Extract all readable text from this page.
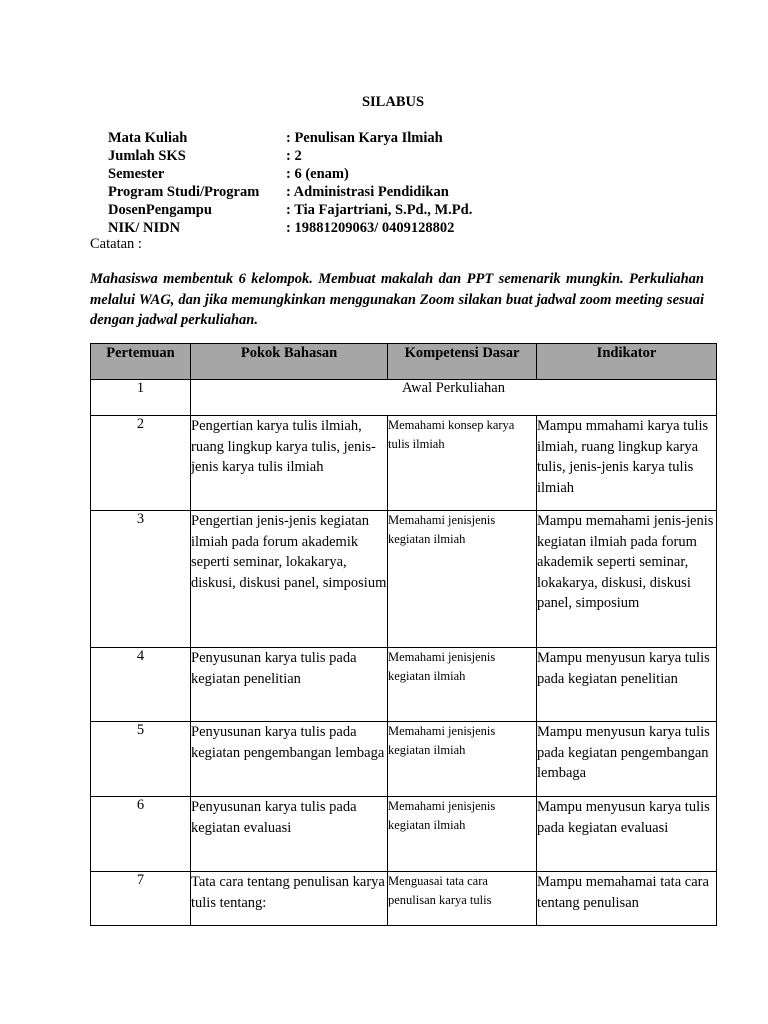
SILABUS
Mata Kuliah	: Penulisan Karya Ilmiah
Jumlah SKS	: 2
Semester	: 6 (enam)
Program Studi/Program	: Administrasi Pendidikan
DosenPengampu	: Tia Fajartriani, S.Pd., M.Pd.
NIK/ NIDN	: 19881209063/ 0409128802
Catatan :
Mahasiswa membentuk 6 kelompok. Membuat makalah dan PPT semenarik mungkin. Perkuliahan melalui WAG, dan jika memungkinkan menggunakan Zoom silakan buat jadwal zoom meeting sesuai dengan jadwal perkuliahan.
Pertemuan	Pokok Bahasan	Kompetensi Dasar	Indikator
1	Awal Perkuliahan		
2	Pengertian karya tulis ilmiah, ruang lingkup karya tulis, jenis-jenis karya tulis ilmiah	Memahami konsep karya tulis ilmiah	Mampu mmahami karya tulis ilmiah, ruang lingkup karya tulis, jenis-jenis karya tulis ilmiah
3	Pengertian jenis-jenis kegiatan ilmiah pada forum akademik seperti seminar, lokakarya, diskusi, diskusi panel, simposium	Memahami jenisjenis kegiatan ilmiah	Mampu memahami jenis-jenis kegiatan ilmiah pada forum akademik seperti seminar, lokakarya, diskusi, diskusi panel, simposium
4	Penyusunan karya tulis pada kegiatan penelitian	Memahami jenisjenis kegiatan ilmiah	Mampu menyusun karya tulis pada kegiatan penelitian
5	Penyusunan karya tulis pada kegiatan pengembangan lembaga	Memahami jenisjenis kegiatan ilmiah	Mampu menyusun karya tulis pada kegiatan pengembangan lembaga
6	Penyusunan karya tulis pada kegiatan evaluasi	Memahami jenisjenis kegiatan ilmiah	Mampu menyusun karya tulis pada kegiatan evaluasi
7	Tata cara tentang penulisan karya tulis tentang:	Menguasai tata cara penulisan karya tulis	Mampu memahamai tata cara tentang penulisan
